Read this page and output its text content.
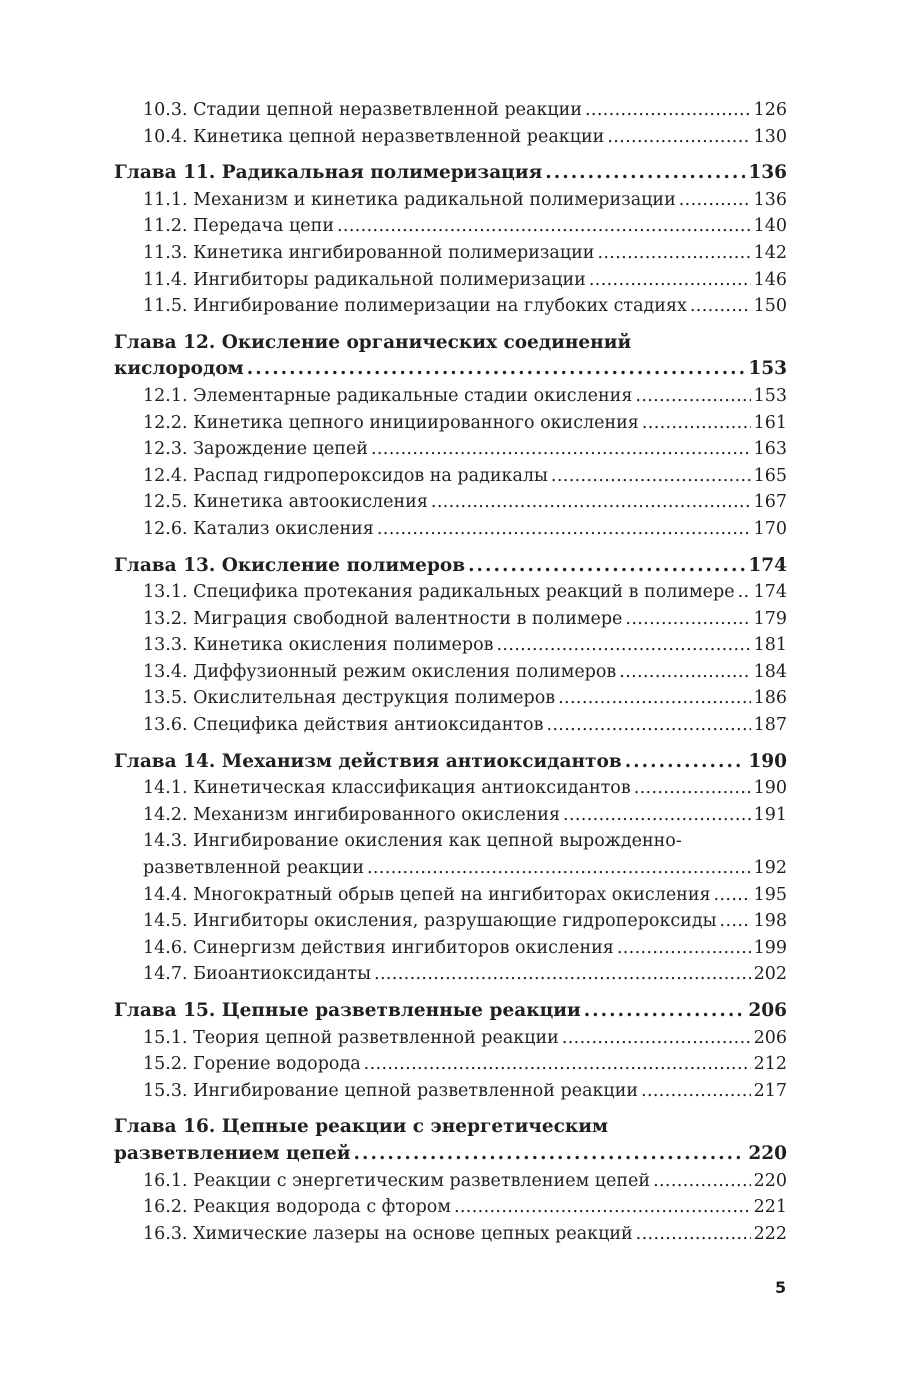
10.3. Стадии цепной неразветвленной реакции . . .	126
10.4. Кинетика цепной неразветвленной реакции . . .	130
Глава 11. Радикальная полимеризация . . .	136
11.1. Механизм и кинетика радикальной полимеризации . . .	136
11.2. Передача цепи . . .	140
11.3. Кинетика ингибированной полимеризации . . .	142
11.4. Ингибиторы радикальной полимеризации . . .	146
11.5. Ингибирование полимеризации на глубоких стадиях . . .	150
Глава 12. Окисление органических соединений
кислородом . . .	153
12.1. Элементарные радикальные стадии окисления . . .	153
12.2. Кинетика цепного инициированного окисления . . .	161
12.3. Зарождение цепей . . .	163
12.4. Распад гидропероксидов на радикалы . . .	165
12.5. Кинетика автоокисления . . .	167
12.6. Катализ окисления . . .	170
Глава 13. Окисление полимеров . . .	174
13.1. Специфика протекания радикальных реакций в полимере . . . 174
13.2. Миграция свободной валентности в полимере . . .	179
13.3. Кинетика окисления полимеров . . .	181
13.4. Диффузионный режим окисления полимеров . . .	184
13.5. Окислительная деструкция полимеров . . .	186
13.6. Специфика действия антиоксидантов . . .	187
Глава 14. Механизм действия антиоксидантов . . .	190
14.1. Кинетическая классификация антиоксидантов . . .	190
14.2. Механизм ингибированного окисления . . .	191
14.3. Ингибирование окисления как цепной вырожденно-
разветвленной реакции . . .	192
14.4. Многократный обрыв цепей на ингибиторах окисления . . . 195
14.5. Ингибиторы окисления, разрушающие гидропероксиды . . . 198
14.6. Синергизм действия ингибиторов окисления . . .	199
14.7. Биоантиоксиданты . . .	202
Глава 15. Цепные разветвленные реакции . . .	206
15.1. Теория цепной разветвленной реакции . . .	206
15.2. Горение водорода . . .	212
15.3. Ингибирование цепной разветвленной реакции . . .	217
Глава 16. Цепные реакции с энергетическим
разветвлением цепей . . .	220
16.1. Реакции с энергетическим разветвлением цепей . . .	220
16.2. Реакция водорода с фтором . . .	221
16.3. Химические лазеры на основе цепных реакций . . .	222
5
